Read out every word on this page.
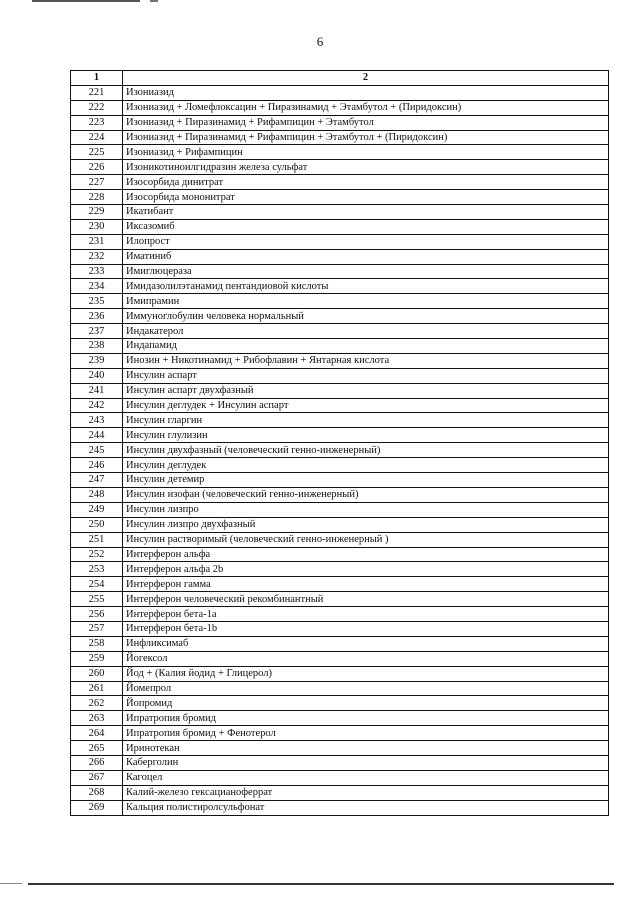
6
1	2
221	Изониазид
222	Изониазид + Ломефлоксацин + Пиразинамид + Этамбутол + (Пиридоксин)
223	Изониазид + Пиразинамид + Рифампицин + Этамбутол
224	Изониазид + Пиразинамид + Рифампицин + Этамбутол + (Пиридоксин)
225	Изониазид + Рифампицин
226	Изоникотиноилгидразин железа сульфат
227	Изосорбида динитрат
228	Изосорбида мононитрат
229	Икатибант
230	Иксазомиб
231	Илопрост
232	Иматиниб
233	Имиглюцераза
234	Имидазолилэтанамид пентандиовой кислоты
235	Имипрамин
236	Иммуноглобулин человека нормальный
237	Индакатерол
238	Индапамид
239	Инозин + Никотинамид + Рибофлавин + Янтарная кислота
240	Инсулин аспарт
241	Инсулин аспарт двухфазный
242	Инсулин деглудек + Инсулин аспарт
243	Инсулин гларгин
244	Инсулин глулизин
245	Инсулин двухфазный (человеческий генно-инженерный)
246	Инсулин деглудек
247	Инсулин детемир
248	Инсулин изофан (человеческий генно-инженерный)
249	Инсулин лизпро
250	Инсулин лизпро двухфазный
251	Инсулин растворимый (человеческий генно-инженерный )
252	Интерферон альфа
253	Интерферон альфа 2b
254	Интерферон гамма
255	Интерферон человеческий рекомбинантный
256	Интерферон бета-1a
257	Интерферон бета-1b
258	Инфликсимаб
259	Йогексол
260	Йод + (Калия йодид + Глицерол)
261	Йомепрол
262	Йопромид
263	Ипратропия бромид
264	Ипратропия бромид + Фенотерол
265	Иринотекан
266	Каберголин
267	Кагоцел
268	Калий-железо гексацианоферрат
269	Кальция полистиролсульфонат
